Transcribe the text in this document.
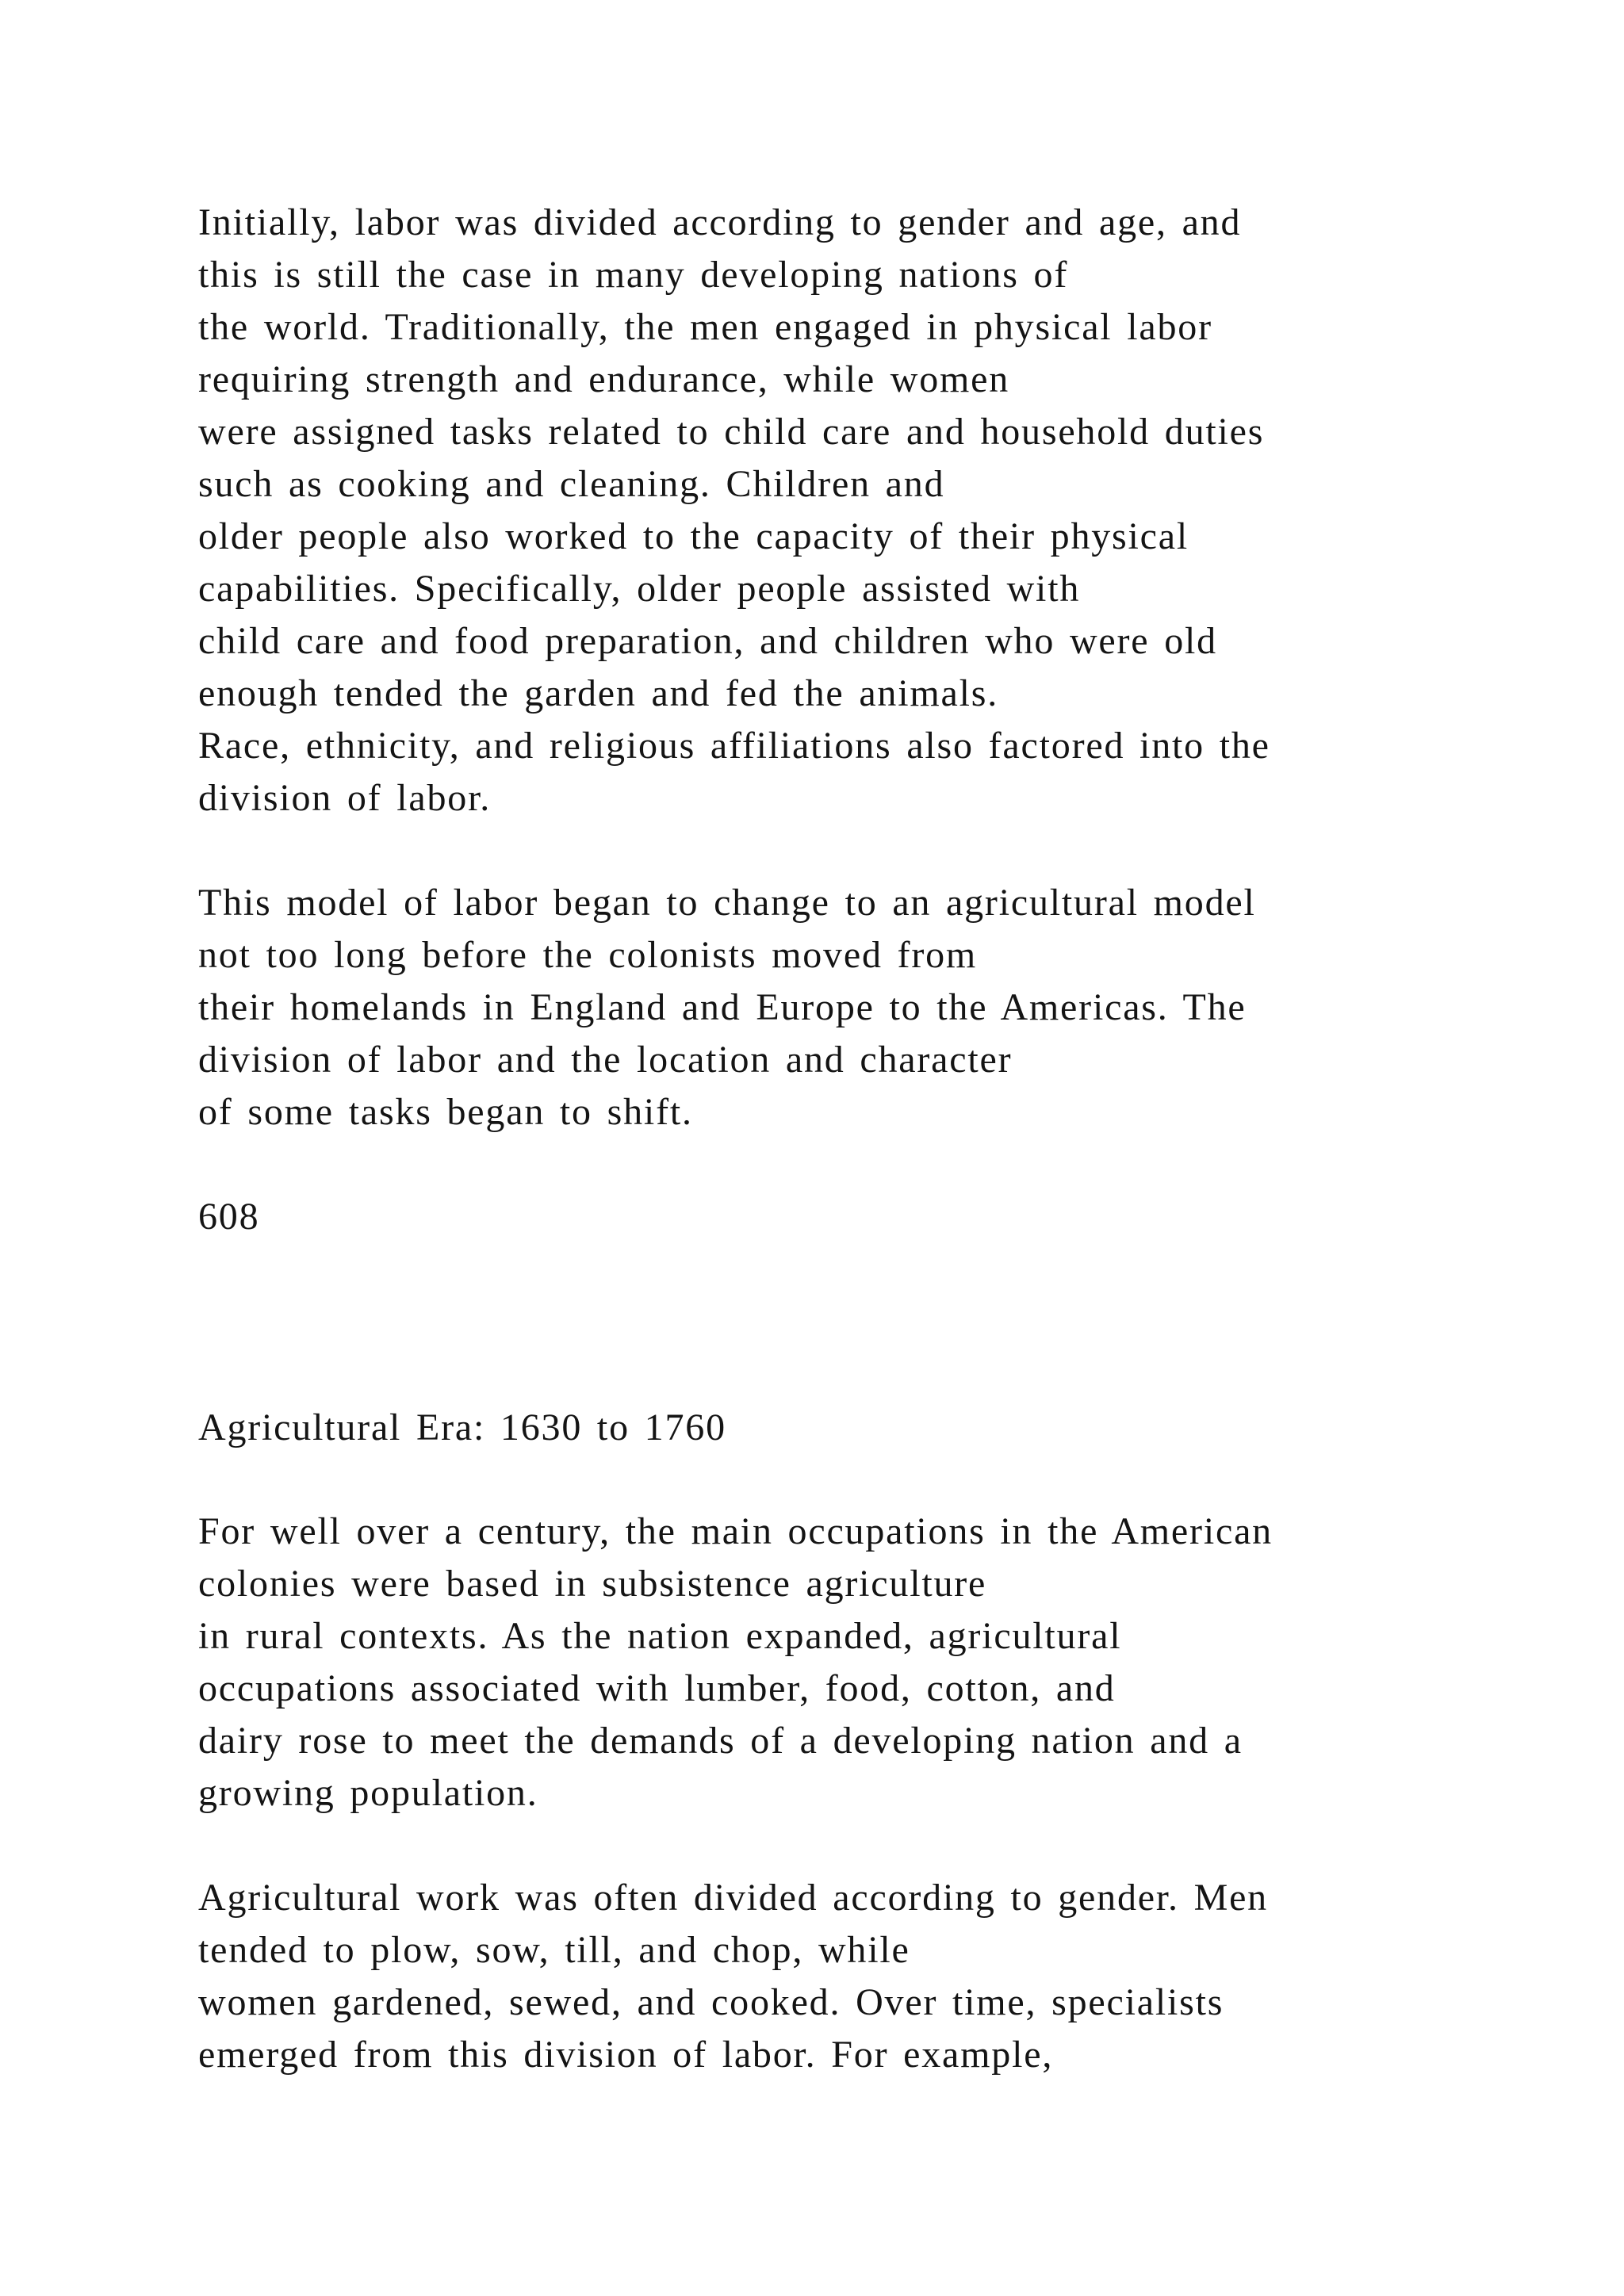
Initially, labor was divided according to gender and age, and
this is still the case in many developing nations of
the world. Traditionally, the men engaged in physical labor
requiring strength and endurance, while women
were assigned tasks related to child care and household duties
such as cooking and cleaning. Children and
older people also worked to the capacity of their physical
capabilities. Specifically, older people assisted with
child care and food preparation, and children who were old
enough tended the garden and fed the animals.
Race, ethnicity, and religious affiliations also factored into the
division of labor.
This model of labor began to change to an agricultural model
not too long before the colonists moved from
their homelands in England and Europe to the Americas. The
division of labor and the location and character
of some tasks began to shift.
608
Agricultural Era: 1630 to 1760
For well over a century, the main occupations in the American
colonies were based in subsistence agriculture
in rural contexts. As the nation expanded, agricultural
occupations associated with lumber, food, cotton, and
dairy rose to meet the demands of a developing nation and a
growing population.
Agricultural work was often divided according to gender. Men
tended to plow, sow, till, and chop, while
women gardened, sewed, and cooked. Over time, specialists
emerged from this division of labor. For example,
